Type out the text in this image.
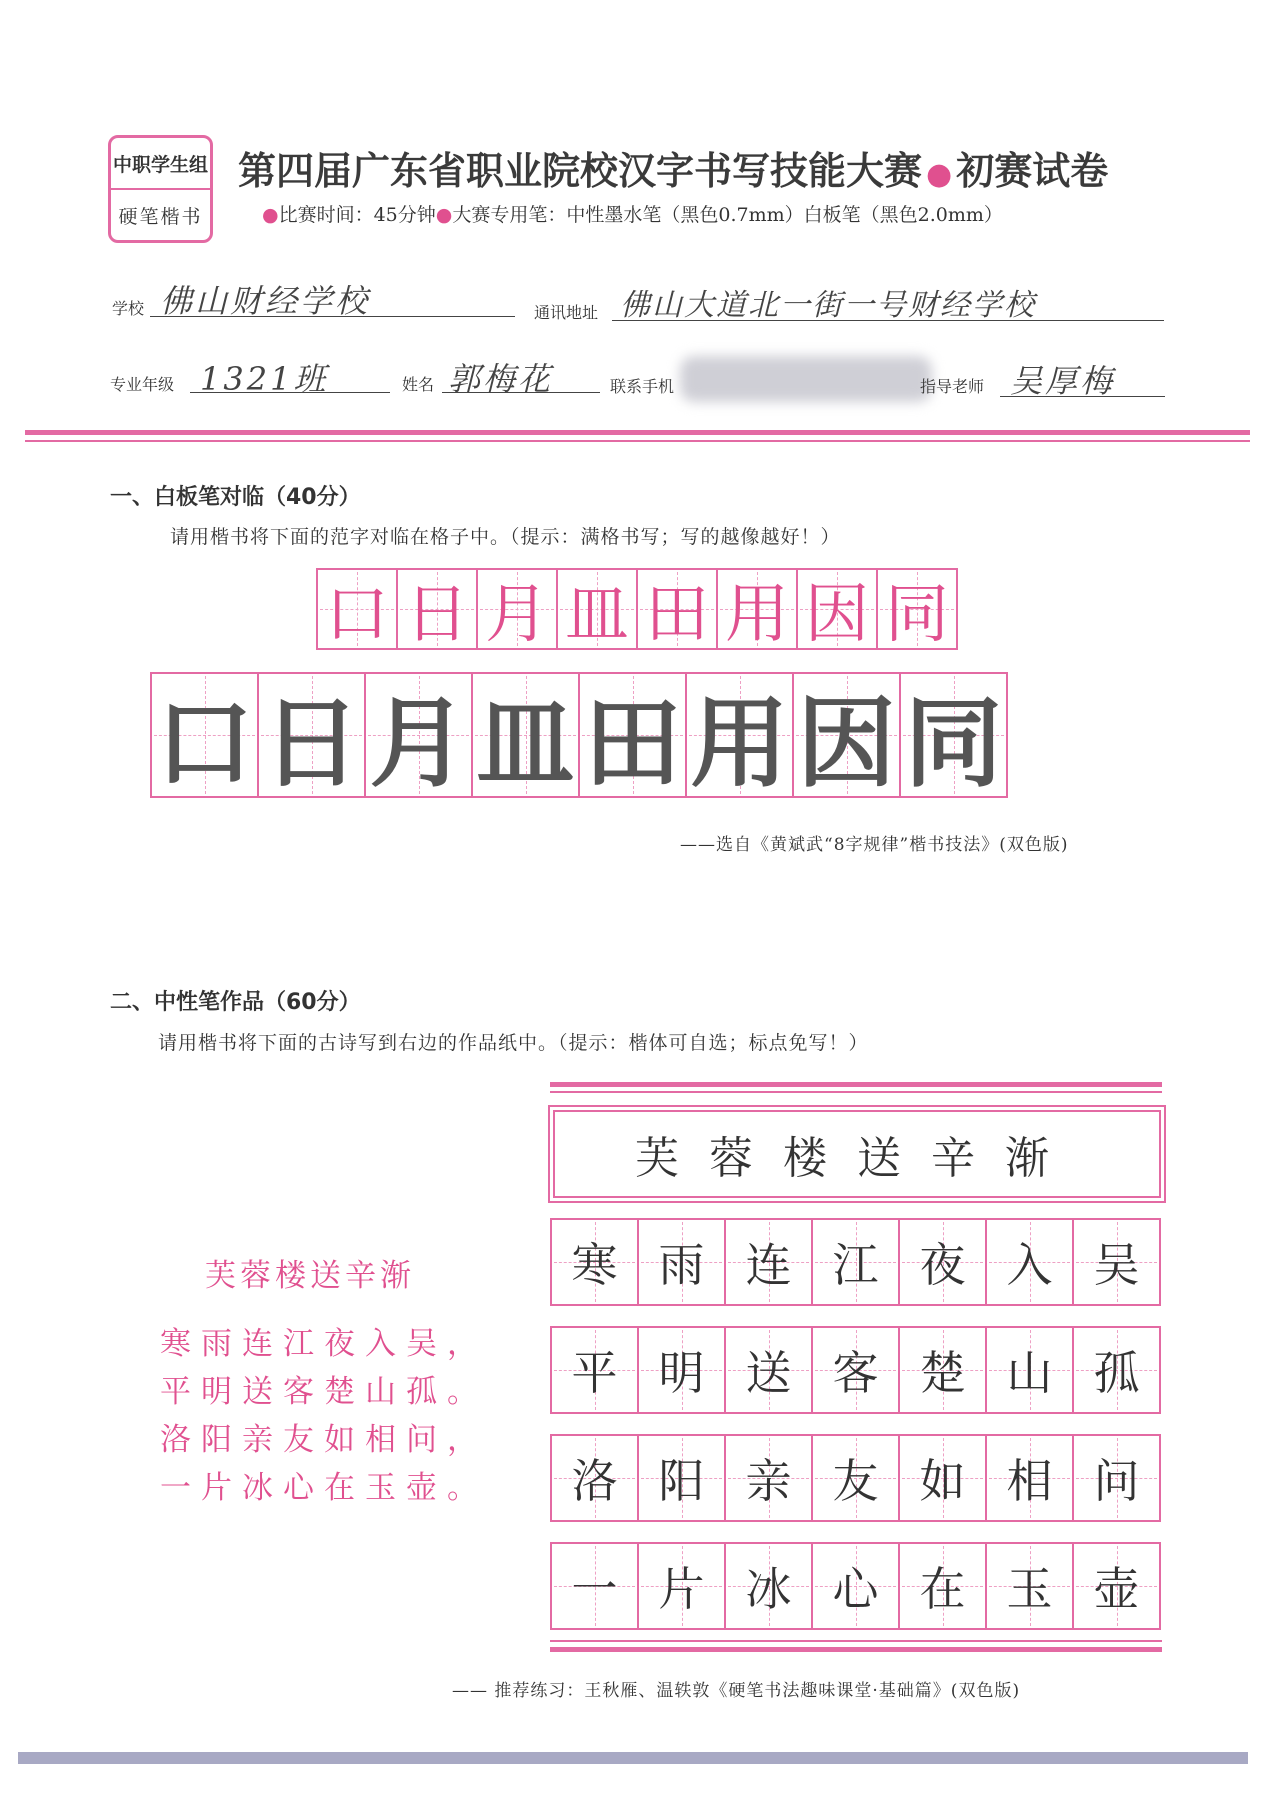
中职学生组
硬笔楷书
第四届广东省职业院校汉字书写技能大赛 ● 初赛试卷
●比赛时间：45分钟●大赛专用笔：中性墨水笔（黑色0.7mm）白板笔（黑色2.0mm）
学校 佛山财经学校	通讯地址 佛山大道北一街一号财经学校
专业年级 1321班	姓名 郭梅花	联系手机	指导老师 吴厚梅
一、白板笔对临（40分）
请用楷书将下面的范字对临在格子中。（提示：满格书写；写的越像越好！）
口 日 月 皿 田 用 因 同
口 日 月 皿 田 用 因 同
——选自《黄斌武“8字规律”楷书技法》(双色版)
二、中性笔作品（60分）
请用楷书将下面的古诗写到右边的作品纸中。（提示：楷体可自选；标点免写！）
芙蓉楼送辛渐
寒雨连江夜入吴，
平明送客楚山孤。
洛阳亲友如相问，
一片冰心在玉壶。
芙蓉楼送辛渐
寒 雨 连 江 夜 入 吴
平 明 送 客 楚 山 孤
洛 阳 亲 友 如 相 问
一 片 冰 心 在 玉 壶
—— 推荐练习：王秋雁、温轶敦《硬笔书法趣味课堂·基础篇》(双色版)
